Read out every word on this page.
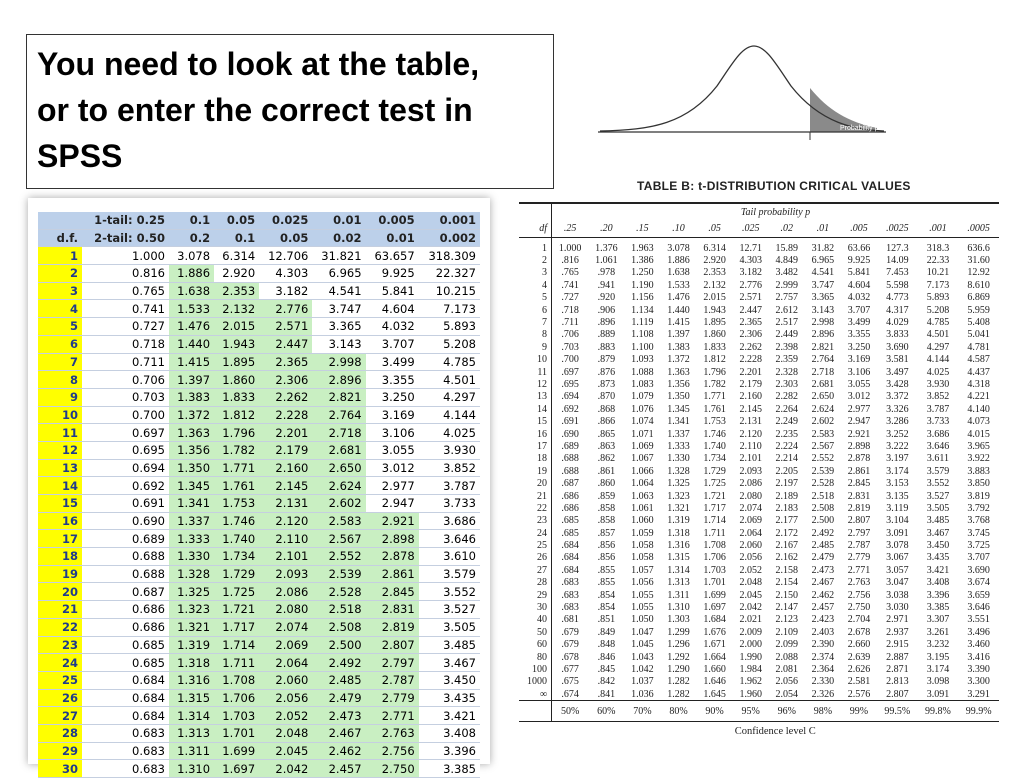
You need to look at the table,
or to enter the correct test in
SPSS

Probability p
	1-tail: 0.25	0.1	0.05	0.025	0.01	0.005	0.001
d.f.	2-tail: 0.50	0.2	0.1	0.05	0.02	0.01	0.002
1	1.000	3.078	6.314	12.706	31.821	63.657	318.309
2	0.816	1.886	2.920	4.303	6.965	9.925	22.327
3	0.765	1.638	2.353	3.182	4.541	5.841	10.215
4	0.741	1.533	2.132	2.776	3.747	4.604	7.173
5	0.727	1.476	2.015	2.571	3.365	4.032	5.893
6	0.718	1.440	1.943	2.447	3.143	3.707	5.208
7	0.711	1.415	1.895	2.365	2.998	3.499	4.785
8	0.706	1.397	1.860	2.306	2.896	3.355	4.501
9	0.703	1.383	1.833	2.262	2.821	3.250	4.297
10	0.700	1.372	1.812	2.228	2.764	3.169	4.144
11	0.697	1.363	1.796	2.201	2.718	3.106	4.025
12	0.695	1.356	1.782	2.179	2.681	3.055	3.930
13	0.694	1.350	1.771	2.160	2.650	3.012	3.852
14	0.692	1.345	1.761	2.145	2.624	2.977	3.787
15	0.691	1.341	1.753	2.131	2.602	2.947	3.733
16	0.690	1.337	1.746	2.120	2.583	2.921	3.686
17	0.689	1.333	1.740	2.110	2.567	2.898	3.646
18	0.688	1.330	1.734	2.101	2.552	2.878	3.610
19	0.688	1.328	1.729	2.093	2.539	2.861	3.579
20	0.687	1.325	1.725	2.086	2.528	2.845	3.552
21	0.686	1.323	1.721	2.080	2.518	2.831	3.527
22	0.686	1.321	1.717	2.074	2.508	2.819	3.505
23	0.685	1.319	1.714	2.069	2.500	2.807	3.485
24	0.685	1.318	1.711	2.064	2.492	2.797	3.467
25	0.684	1.316	1.708	2.060	2.485	2.787	3.450
26	0.684	1.315	1.706	2.056	2.479	2.779	3.435
27	0.684	1.314	1.703	2.052	2.473	2.771	3.421
28	0.683	1.313	1.701	2.048	2.467	2.763	3.408
29	0.683	1.311	1.699	2.045	2.462	2.756	3.396
30	0.683	1.310	1.697	2.042	2.457	2.750	3.385

TABLE B: t-DISTRIBUTION CRITICAL VALUES

	Tail probability p											
df	.25	.20	.15	.10	.05	.025	.02	.01	.005	.0025	.001	.0005
1	1.000	1.376	1.963	3.078	6.314	12.71	15.89	31.82	63.66	127.3	318.3	636.6
2	.816	1.061	1.386	1.886	2.920	4.303	4.849	6.965	9.925	14.09	22.33	31.60
3	.765	.978	1.250	1.638	2.353	3.182	3.482	4.541	5.841	7.453	10.21	12.92
4	.741	.941	1.190	1.533	2.132	2.776	2.999	3.747	4.604	5.598	7.173	8.610
5	.727	.920	1.156	1.476	2.015	2.571	2.757	3.365	4.032	4.773	5.893	6.869
6	.718	.906	1.134	1.440	1.943	2.447	2.612	3.143	3.707	4.317	5.208	5.959
7	.711	.896	1.119	1.415	1.895	2.365	2.517	2.998	3.499	4.029	4.785	5.408
8	.706	.889	1.108	1.397	1.860	2.306	2.449	2.896	3.355	3.833	4.501	5.041
9	.703	.883	1.100	1.383	1.833	2.262	2.398	2.821	3.250	3.690	4.297	4.781
10	.700	.879	1.093	1.372	1.812	2.228	2.359	2.764	3.169	3.581	4.144	4.587
11	.697	.876	1.088	1.363	1.796	2.201	2.328	2.718	3.106	3.497	4.025	4.437
12	.695	.873	1.083	1.356	1.782	2.179	2.303	2.681	3.055	3.428	3.930	4.318
13	.694	.870	1.079	1.350	1.771	2.160	2.282	2.650	3.012	3.372	3.852	4.221
14	.692	.868	1.076	1.345	1.761	2.145	2.264	2.624	2.977	3.326	3.787	4.140
15	.691	.866	1.074	1.341	1.753	2.131	2.249	2.602	2.947	3.286	3.733	4.073
16	.690	.865	1.071	1.337	1.746	2.120	2.235	2.583	2.921	3.252	3.686	4.015
17	.689	.863	1.069	1.333	1.740	2.110	2.224	2.567	2.898	3.222	3.646	3.965
18	.688	.862	1.067	1.330	1.734	2.101	2.214	2.552	2.878	3.197	3.611	3.922
19	.688	.861	1.066	1.328	1.729	2.093	2.205	2.539	2.861	3.174	3.579	3.883
20	.687	.860	1.064	1.325	1.725	2.086	2.197	2.528	2.845	3.153	3.552	3.850
21	.686	.859	1.063	1.323	1.721	2.080	2.189	2.518	2.831	3.135	3.527	3.819
22	.686	.858	1.061	1.321	1.717	2.074	2.183	2.508	2.819	3.119	3.505	3.792
23	.685	.858	1.060	1.319	1.714	2.069	2.177	2.500	2.807	3.104	3.485	3.768
24	.685	.857	1.059	1.318	1.711	2.064	2.172	2.492	2.797	3.091	3.467	3.745
25	.684	.856	1.058	1.316	1.708	2.060	2.167	2.485	2.787	3.078	3.450	3.725
26	.684	.856	1.058	1.315	1.706	2.056	2.162	2.479	2.779	3.067	3.435	3.707
27	.684	.855	1.057	1.314	1.703	2.052	2.158	2.473	2.771	3.057	3.421	3.690
28	.683	.855	1.056	1.313	1.701	2.048	2.154	2.467	2.763	3.047	3.408	3.674
29	.683	.854	1.055	1.311	1.699	2.045	2.150	2.462	2.756	3.038	3.396	3.659
30	.683	.854	1.055	1.310	1.697	2.042	2.147	2.457	2.750	3.030	3.385	3.646
40	.681	.851	1.050	1.303	1.684	2.021	2.123	2.423	2.704	2.971	3.307	3.551
50	.679	.849	1.047	1.299	1.676	2.009	2.109	2.403	2.678	2.937	3.261	3.496
60	.679	.848	1.045	1.296	1.671	2.000	2.099	2.390	2.660	2.915	3.232	3.460
80	.678	.846	1.043	1.292	1.664	1.990	2.088	2.374	2.639	2.887	3.195	3.416
100	.677	.845	1.042	1.290	1.660	1.984	2.081	2.364	2.626	2.871	3.174	3.390
1000	.675	.842	1.037	1.282	1.646	1.962	2.056	2.330	2.581	2.813	3.098	3.300
∞	.674	.841	1.036	1.282	1.645	1.960	2.054	2.326	2.576	2.807	3.091	3.291
	50%	60%	70%	80%	90%	95%	96%	98%	99%	99.5%	99.8%	99.9%
	Confidence level C											
